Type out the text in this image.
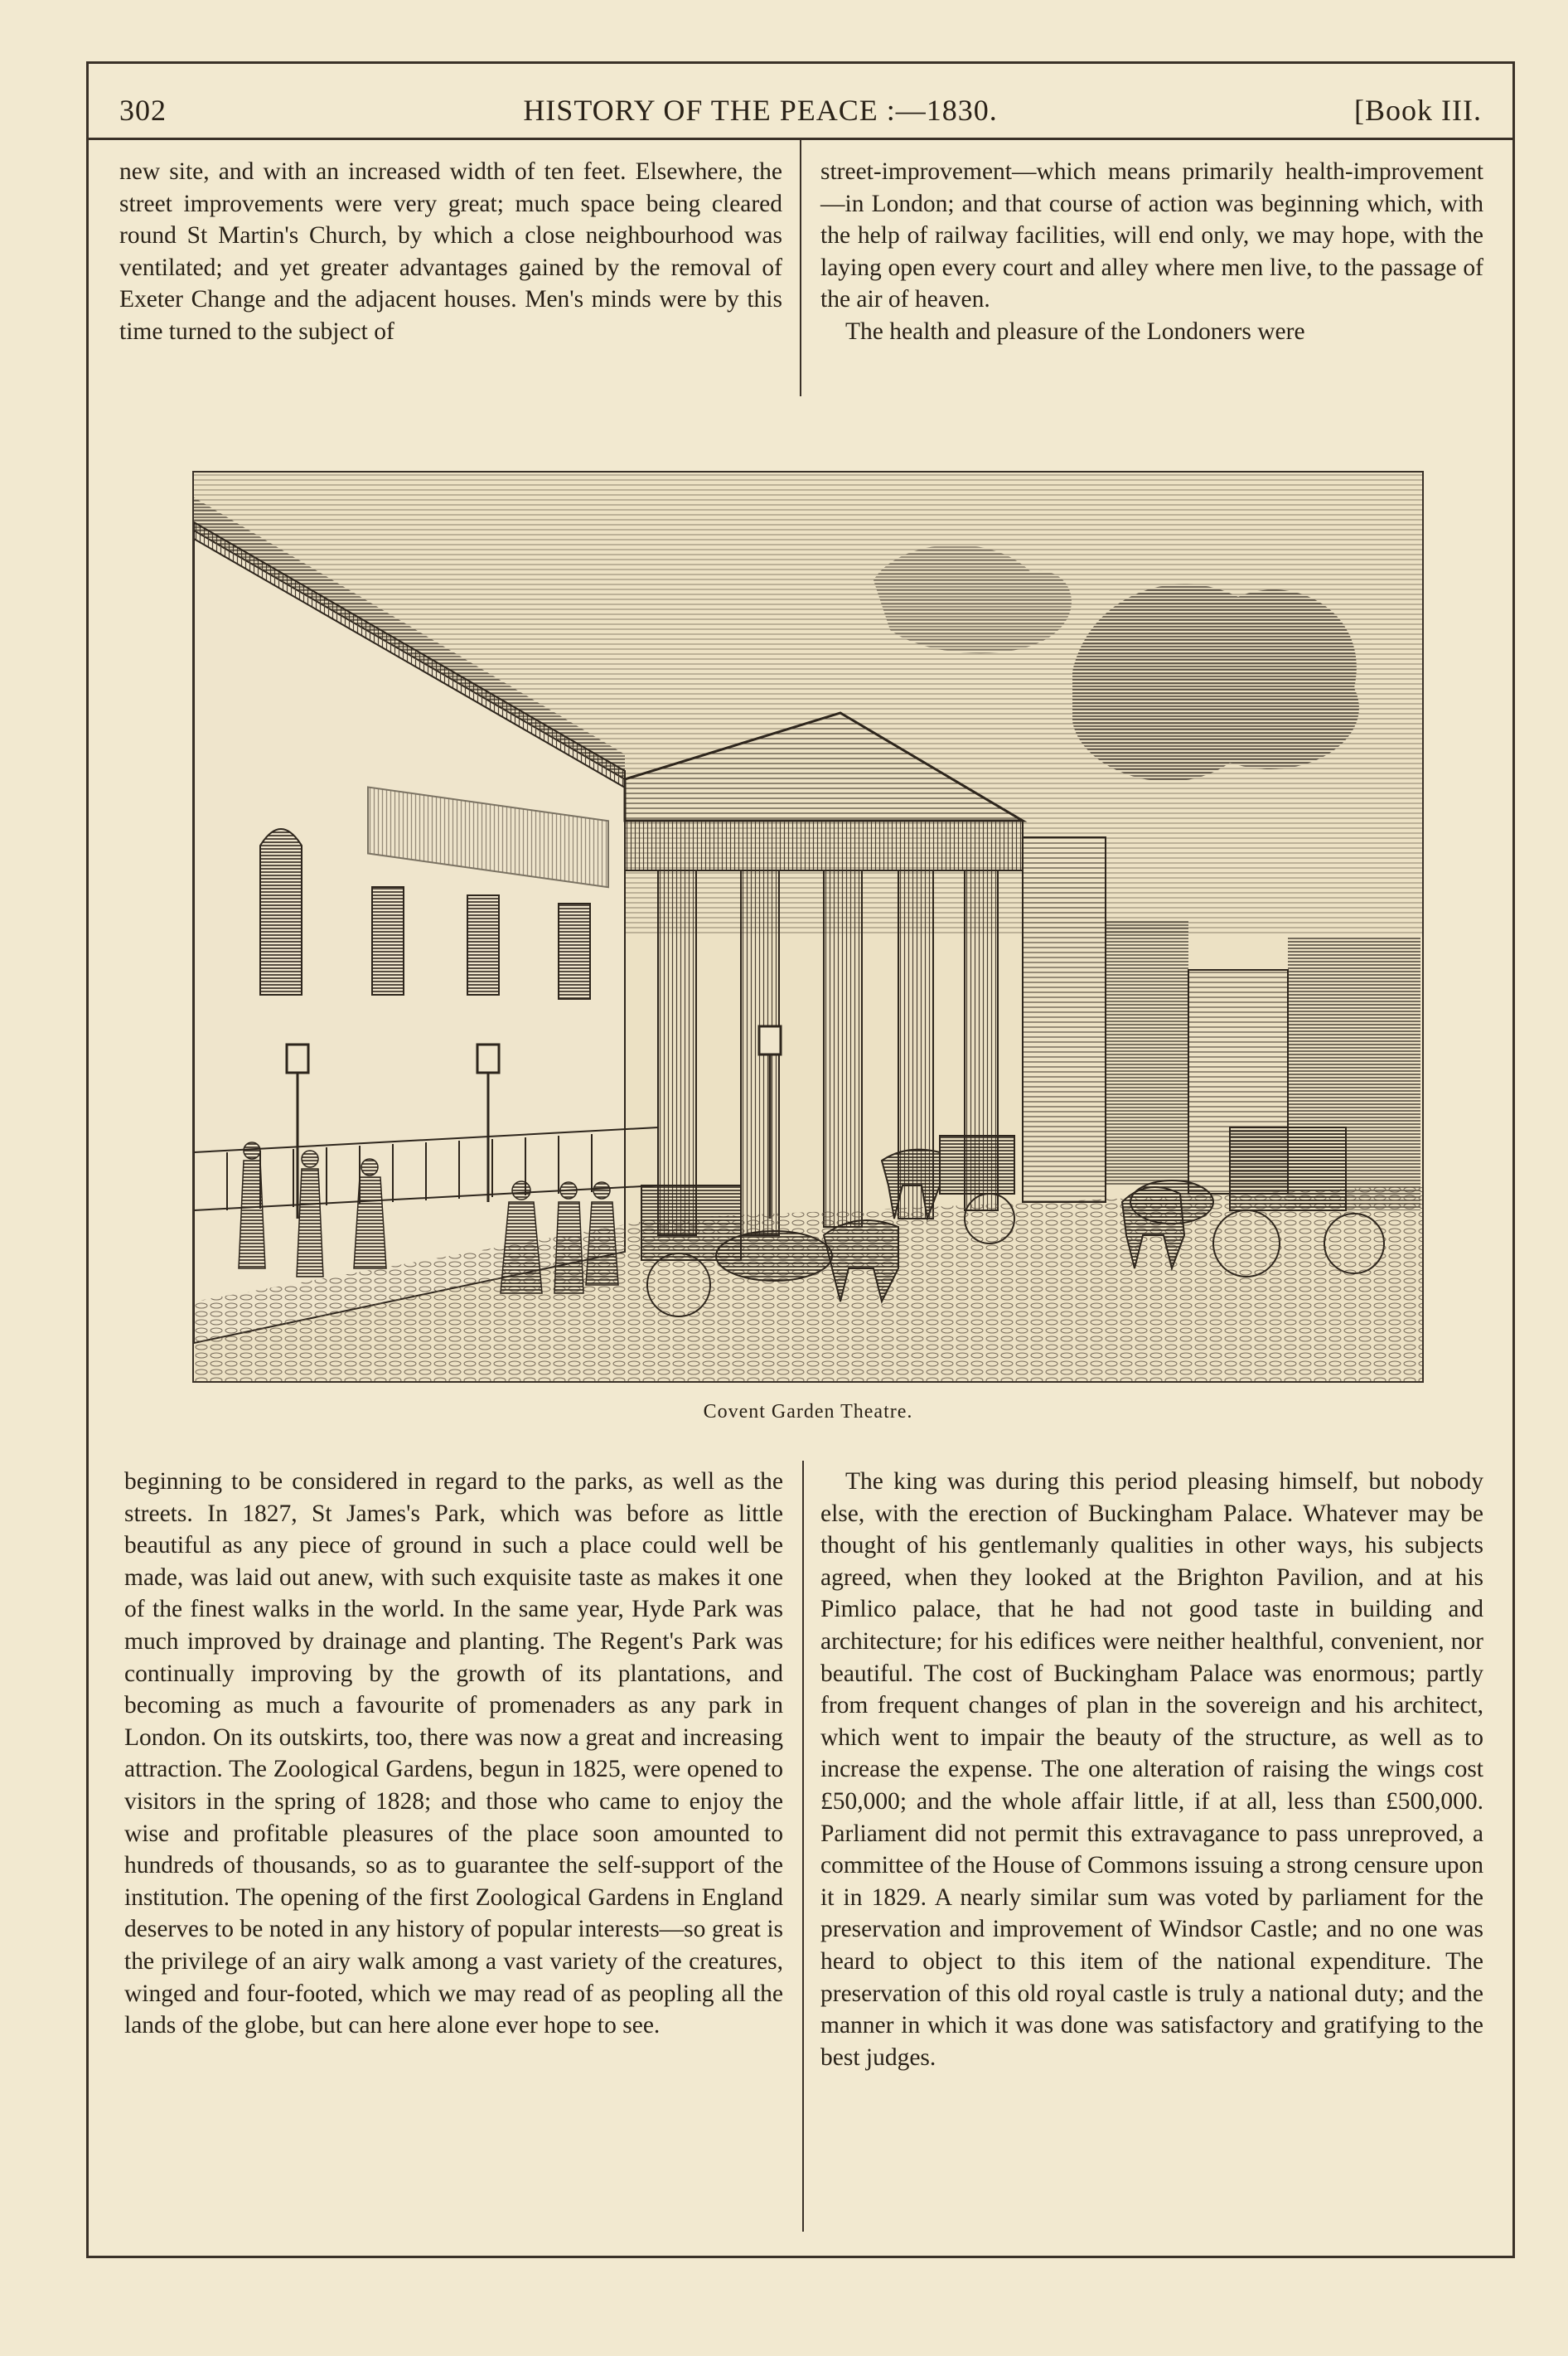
302	HISTORY OF THE PEACE :—1830.	[Book III.

new site, and with an increased width of ten feet. Elsewhere, the street improvements were very great; much space being cleared round St Martin's Church, by which a close neighbourhood was ventilated; and yet greater advantages gained by the removal of Exeter Change and the adjacent houses. Men's minds were by this time turned to the subject of

street-improvement—which means primarily health-improvement—in London; and that course of action was beginning which, with the help of railway facilities, will end only, we may hope, with the laying open every court and alley where men live, to the passage of the air of heaven.

The health and pleasure of the Londoners were

Covent Garden Theatre.

beginning to be considered in regard to the parks, as well as the streets. In 1827, St James's Park, which was before as little beautiful as any piece of ground in such a place could well be made, was laid out anew, with such exquisite taste as makes it one of the finest walks in the world. In the same year, Hyde Park was much improved by drainage and planting. The Regent's Park was continually improving by the growth of its plantations, and becoming as much a favourite of promenaders as any park in London. On its outskirts, too, there was now a great and increasing attraction. The Zoological Gardens, begun in 1825, were opened to visitors in the spring of 1828; and those who came to enjoy the wise and profitable pleasures of the place soon amounted to hundreds of thousands, so as to guarantee the self-support of the institution. The opening of the first Zoological Gardens in England deserves to be noted in any history of popular interests—so great is the privilege of an airy walk among a vast variety of the creatures, winged and four-footed, which we may read of as peopling all the lands of the globe, but can here alone ever hope to see.

The king was during this period pleasing himself, but nobody else, with the erection of Buckingham Palace. Whatever may be thought of his gentlemanly qualities in other ways, his subjects agreed, when they looked at the Brighton Pavilion, and at his Pimlico palace, that he had not good taste in building and architecture; for his edifices were neither healthful, convenient, nor beautiful. The cost of Buckingham Palace was enormous; partly from frequent changes of plan in the sovereign and his architect, which went to impair the beauty of the structure, as well as to increase the expense. The one alteration of raising the wings cost £50,000; and the whole affair little, if at all, less than £500,000. Parliament did not permit this extravagance to pass unreproved, a committee of the House of Commons issuing a strong censure upon it in 1829. A nearly similar sum was voted by parliament for the preservation and improvement of Windsor Castle; and no one was heard to object to this item of the national expenditure. The preservation of this old royal castle is truly a national duty; and the manner in which it was done was satisfactory and gratifying to the best judges.
